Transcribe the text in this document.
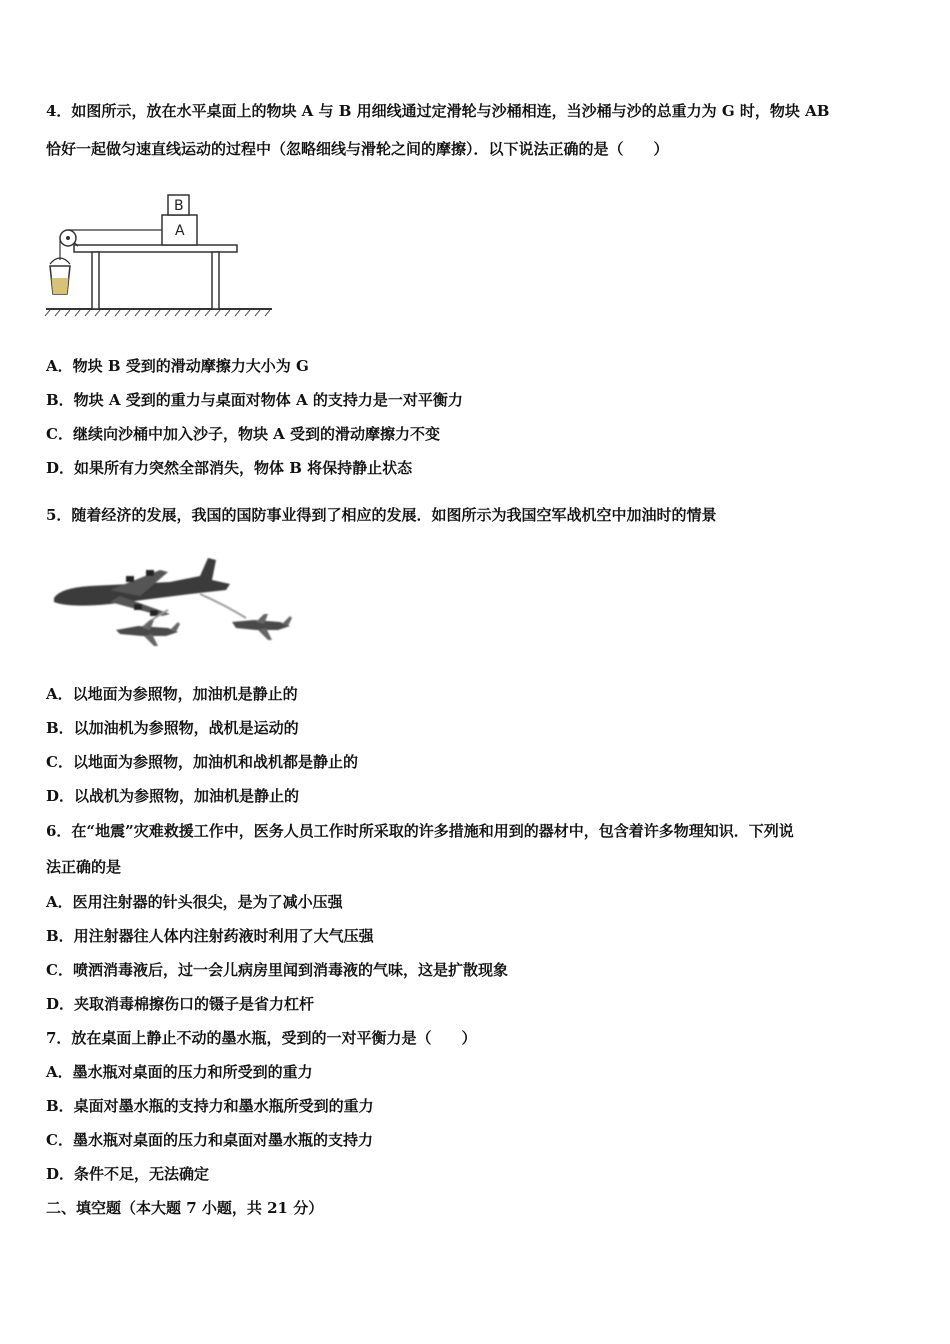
4．如图所示，放在水平桌面上的物块 A 与 B 用细线通过定滑轮与沙桶相连，当沙桶与沙的总重力为 G 时，物块 AB
恰好一起做匀速直线运动的过程中（忽略细线与滑轮之间的摩擦）．以下说法正确的是（　　）
B
A
A．物块 B 受到的滑动摩擦力大小为 G
B．物块 A 受到的重力与桌面对物体 A 的支持力是一对平衡力
C．继续向沙桶中加入沙子，物块 A 受到的滑动摩擦力不变
D．如果所有力突然全部消失，物体 B 将保持静止状态
5．随着经济的发展，我国的国防事业得到了相应的发展．如图所示为我国空军战机空中加油时的情景
A．以地面为参照物，加油机是静止的
B．以加油机为参照物，战机是运动的
C．以地面为参照物，加油机和战机都是静止的
D．以战机为参照物，加油机是静止的
6．在“地震”灾难救援工作中，医务人员工作时所采取的许多措施和用到的器材中，包含着许多物理知识．下列说
法正确的是
A．医用注射器的针头很尖，是为了减小压强
B．用注射器往人体内注射药液时利用了大气压强
C．喷洒消毒液后，过一会儿病房里闻到消毒液的气味，这是扩散现象
D．夹取消毒棉擦伤口的镊子是省力杠杆
7．放在桌面上静止不动的墨水瓶，受到的一对平衡力是（　　）
A．墨水瓶对桌面的压力和所受到的重力
B．桌面对墨水瓶的支持力和墨水瓶所受到的重力
C．墨水瓶对桌面的压力和桌面对墨水瓶的支持力
D．条件不足，无法确定
二、填空题（本大题 7 小题，共 21 分）
